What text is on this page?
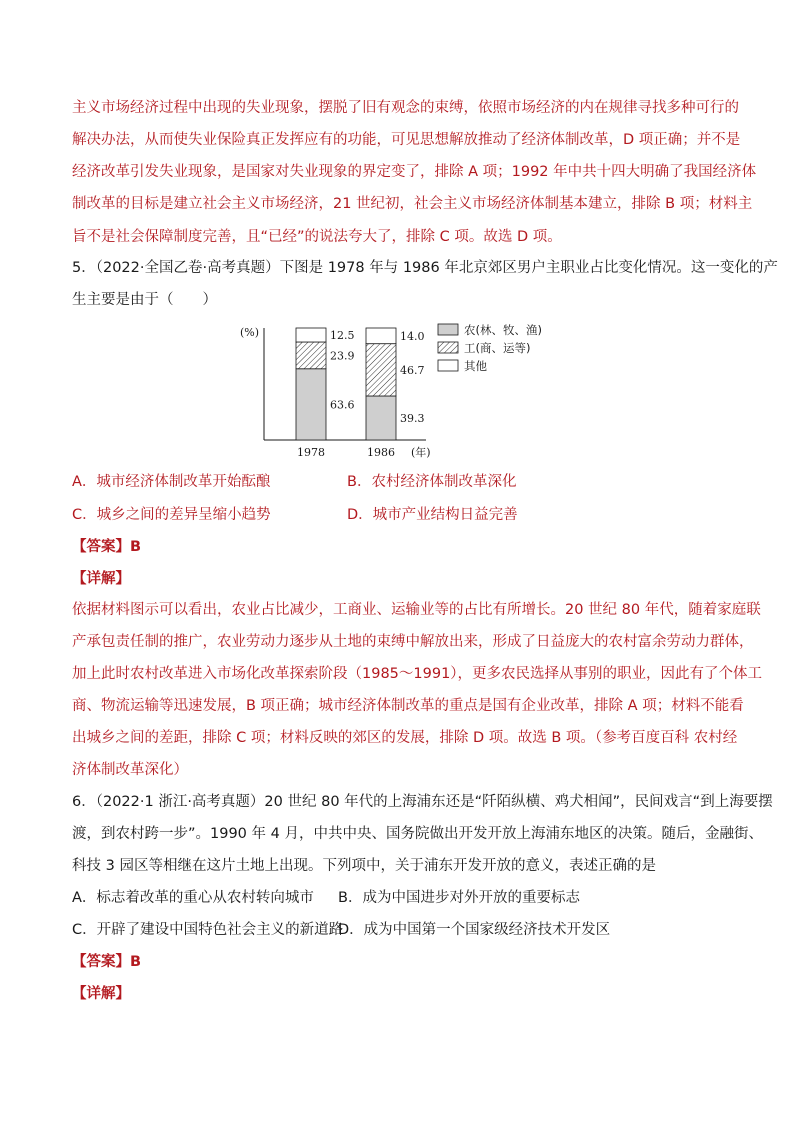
主义市场经济过程中出现的失业现象，摆脱了旧有观念的束缚，依照市场经济的内在规律寻找多种可行的
解决办法，从而使失业保险真正发挥应有的功能，可见思想解放推动了经济体制改革，D 项正确；并不是
经济改革引发失业现象，是国家对失业现象的界定变了，排除 A 项；1992 年中共十四大明确了我国经济体
制改革的目标是建立社会主义市场经济，21 世纪初，社会主义市场经济体制基本建立，排除 B 项；材料主
旨不是社会保障制度完善，且“已经”的说法夸大了，排除 C 项。故选 D 项。
5．（2022·全国乙卷·高考真题）下图是 1978 年与 1986 年北京郊区男户主职业占比变化情况。这一变化的产
生主要是由于（　　）
(%)
63.6
23.9
12.5
39.3
46.7
14.0
1978	1986 (年)
农(林、牧、渔)
工(商、运等)
其他
A．城市经济体制改革开始酝酿	B．农村经济体制改革深化
C．城乡之间的差异呈缩小趋势	D．城市产业结构日益完善
【答案】B
【详解】
依据材料图示可以看出，农业占比减少，工商业、运输业等的占比有所增长。20 世纪 80 年代，随着家庭联
产承包责任制的推广，农业劳动力逐步从土地的束缚中解放出来，形成了日益庞大的农村富余劳动力群体，
加上此时农村改革进入市场化改革探索阶段（1985～1991），更多农民选择从事别的职业，因此有了个体工
商、物流运输等迅速发展，B 项正确；城市经济体制改革的重点是国有企业改革，排除 A 项；材料不能看
出城乡之间的差距，排除 C 项；材料反映的郊区的发展，排除 D 项。故选 B 项。（参考百度百科 农村经
济体制改革深化）
6．（2022·1 浙江·高考真题）20 世纪 80 年代的上海浦东还是“阡陌纵横、鸡犬相闻”，民间戏言“到上海要摆
渡，到农村跨一步”。1990 年 4 月，中共中央、国务院做出开发开放上海浦东地区的决策。随后，金融街、
科技 3 园区等相继在这片土地上出现。下列项中，关于浦东开发开放的意义，表述正确的是
A．标志着改革的重心从农村转向城市 B．成为中国进步对外开放的重要标志
C．开辟了建设中国特色社会主义的新道路
D．成为中国第一个国家级经济技术开发区
【答案】B
【详解】
